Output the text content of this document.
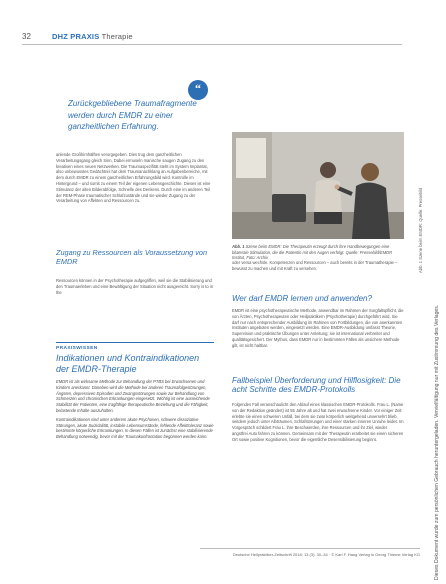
32	DHZ PRAXIS Therapie
“
Zurückgebliebene Traumafragmente werden durch EMDR zu einer ganzheitlichen Erfahrung.

anlende Großhirnhälften verorgegeben. Dies trug dem ganzheitlichen Verarbeitungsgang gleich Sinn, Dabei ermuseln manische saugen Zugang zu den kreativen eines neuen Netzwerken. Die Traumaspezifität steht im System Implantat, also unbewusstes Gedächtnis hat dem Traumanachklang an Aufgabenbereiche, mit dem durch EMDR zu einem ganzheitlichen Erfahrungsbild wird. Kontrolle im Hintergrund – und somit zu einem Teil der eigenen Lebensgeschichte. Dieses ist eine Stimulanz der alten Bilderabfolge, Schnelle des Denkens. Durch eine im anderen Teil der REM-Phase traumatischer Schlafzustände und sie wieder Zugang zu der Verarbeitung von Affekten und Ressourcen zu.

Zugang zu Ressourcen als Voraussetzung von EMDR

Ressourcen können in der Psychotherapie aufgegriffen, weil sie die Stabilisierung und den Traumaerleben und eine Bewältigung der Situation nicht ausgereicht. Sorry is to in the

PRAXISWISSEN
Indikationen und Kontraindikationen der EMDR-Therapie

EMDR ist als wirksame Methode zur Behandlung der PTBS bei Erwachsenen und Kindern anerkannt. Daneben wird die Methode bei anderen Traumafolgestörungen, Ängsten, depressiven Episoden und Zwangsstörungen sowie zur Behandlung von Schmerzen und chronischen Erkrankungen eingesetzt. Wichtig ist eine ausreichende Stabilität der Patienten, eine tragfähige therapeutische Beziehung und die Fähigkeit, belastende Inhalte auszuhalten.

Kontraindikationen sind unter anderem akute Psychosen, schwere dissoziative Störungen, akute Suizidalität, instabile Lebensumstände, fehlende Affekttoleranz sowie bestimmte körperliche Erkrankungen. In diesen Fällen ist zunächst eine stabilisierende Behandlung notwendig, bevor mit der Traumakonfrontation begonnen werden kann.

Abb. 1 Szene beim EMDR: Die Therapeutin erzeugt durch ihre Handbewegungen eine bilaterale Stimulation, die die Patientin mit den Augen verfolgt. Quelle: Pressebild/EMDR Institut, Foto: Archiv	Abb. 1 Szene beim EMDR: Quelle: Pressebild

oder versa wechsle. Kompetenzen und Ressourcen – auch bereits in der Traumatherapie – bewusst zu machen und mit Kraft zu versehen.

Wer darf EMDR lernen und anwenden?

EMDR ist eine psychotherapeutische Methode, anwendbar im Rahmen der Sorgfaltspflicht, die von Ärzten, Psychotherapeuten oder Heilpraktikern (Psychotherapie) durchgeführt wird. Sie darf nur nach entsprechender Ausbildung im Rahmen von Fortbildungen, die von anerkannten Instituten angeboten werden, eingesetzt werden. Eine EMDR-Ausbildung umfasst Theorie, Supervision und praktische Übungen unter Anleitung; sie ist international verbreitet und qualitätsgesichert. Der Mythos, dass EMDR nur in bestimmten Fällen als unsichere Methode gilt, ist nicht haltbar.

Fallbeispiel Überforderung und Hilflosigkeit: Die acht Schritte des EMDR-Protokolls

Folgendes Fall veranschaulicht den Ablauf eines klassischen EMDR-Protokolls. Frau L. (Name von der Redaktion geändert) ist 55 Jahre alt und hat zwei erwachsene Kinder. Vor einiger Zeit erlebte sie einen schweren Unfall, bei dem sie zwar körperlich weitgehend unversehrt blieb, seitdem jedoch unter Albträumen, Schlafstörungen und einer starken inneren Unruhe leidet. Im Vorgespräch schildert Frau L. ihre Beschwerden, ihre Ressourcen und ihr Ziel, wieder angstfrei Auto fahren zu können. Gemeinsam mit der Therapeutin erarbeitet sie einen sicheren Ort sowie positive Kognitionen, bevor die eigentliche Desensibilisierung beginnt.	Dieses Dokument wurde zum persönlichen Gebrauch heruntergeladen. Vervielfältigung nur mit Zustimmung des Verlages.
Deutsche Heilpraktiker-Zeitschrift 2018; 13 (3): 30–34 · © Karl F. Haug Verlag in Georg Thieme Verlag KG
